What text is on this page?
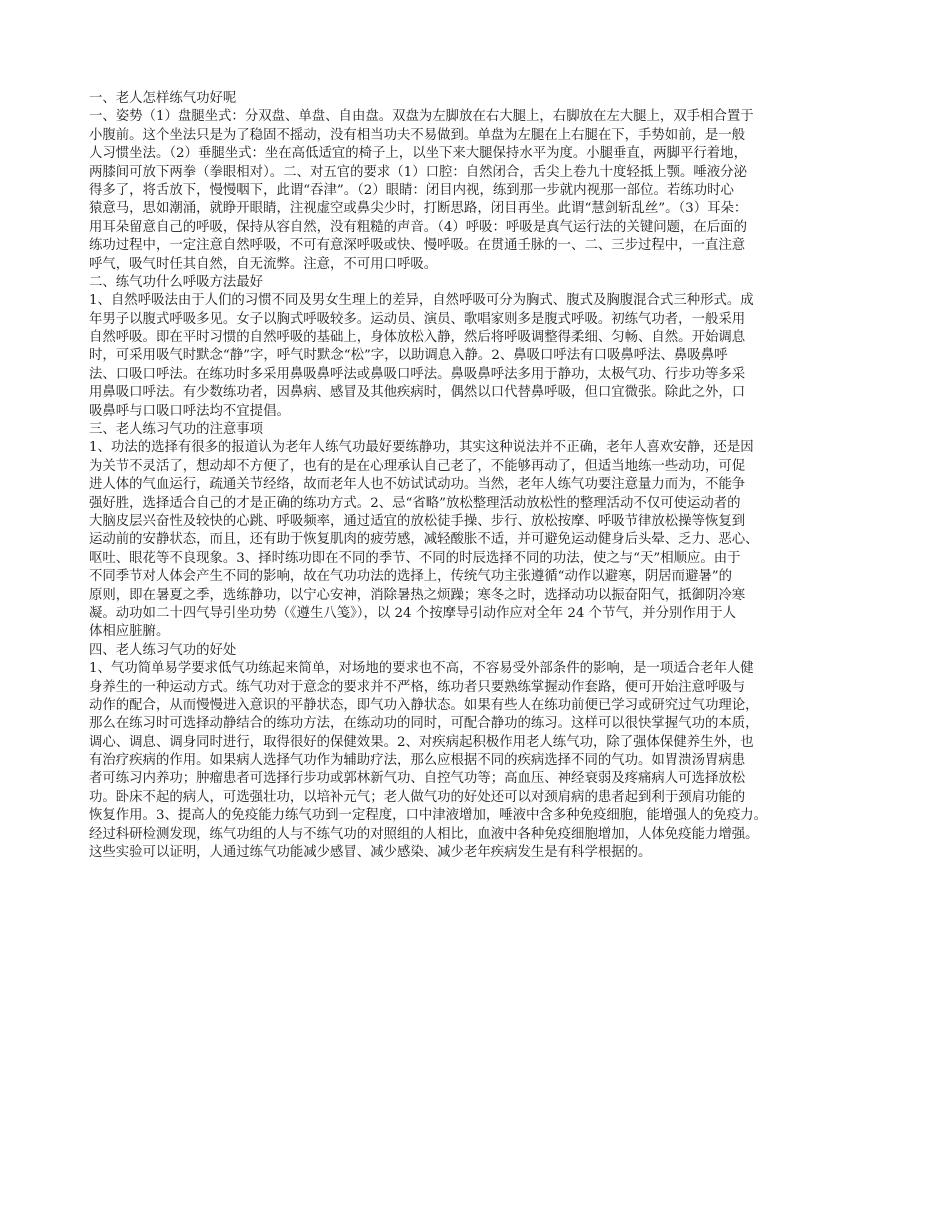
一、老人怎样练气功好呢
一、姿势（1）盘腿坐式：分双盘、单盘、自由盘。双盘为左脚放在右大腿上，右脚放在左大腿上，双手相合置于
小腹前。这个坐法只是为了稳固不摇动，没有相当功夫不易做到。单盘为左腿在上右腿在下，手势如前，是一般
人习惯坐法。（2）垂腿坐式：坐在高低适宜的椅子上，以坐下来大腿保持水平为度。小腿垂直，两脚平行着地，
两膝间可放下两拳（拳眼相对）。二、对五官的要求（1）口腔：自然闭合，舌尖上卷九十度轻抵上颚。唾液分泌
得多了，将舌放下，慢慢咽下，此谓“吞津”。（2）眼睛：闭目内视，练到那一步就内视那一部位。若练功时心
猿意马，思如潮涌，就睁开眼睛，注视虚空或鼻尖少时，打断思路，闭目再坐。此谓“慧剑斩乱丝”。（3）耳朵：
用耳朵留意自己的呼吸，保持从容自然，没有粗糙的声音。（4）呼吸：呼吸是真气运行法的关键问题，在后面的
练功过程中，一定注意自然呼吸，不可有意深呼吸或快、慢呼吸。在贯通壬脉的一、二、三步过程中，一直注意
呼气，吸气时任其自然，自无流弊。注意，不可用口呼吸。
二、练气功什么呼吸方法最好
1、自然呼吸法由于人们的习惯不同及男女生理上的差异，自然呼吸可分为胸式、腹式及胸腹混合式三种形式。成
年男子以腹式呼吸多见。女子以胸式呼吸较多。运动员、演员、歌唱家则多是腹式呼吸。初练气功者，一般采用
自然呼吸。即在平时习惯的自然呼吸的基础上，身体放松入静，然后将呼吸调整得柔细、匀畅、自然。开始调息
时，可采用吸气时默念“静”字，呼气时默念“松”字，以助调息入静。2、鼻吸口呼法有口吸鼻呼法、鼻吸鼻呼
法、口吸口呼法。在练功时多采用鼻吸鼻呼法或鼻吸口呼法。鼻吸鼻呼法多用于静功，太极气功、行步功等多采
用鼻吸口呼法。有少数练功者，因鼻病、感冒及其他疾病时，偶然以口代替鼻呼吸，但口宜微张。除此之外，口
吸鼻呼与口吸口呼法均不宜提倡。
三、老人练习气功的注意事项
1、功法的选择有很多的报道认为老年人练气功最好要练静功，其实这种说法并不正确，老年人喜欢安静，还是因
为关节不灵活了，想动却不方便了，也有的是在心理承认自己老了，不能够再动了，但适当地练一些动功，可促
进人体的气血运行，疏通关节经络，故而老年人也不妨试试动功。当然，老年人练气功要注意量力而为，不能争
强好胜，选择适合自己的才是正确的练功方式。2、忌“省略”放松整理活动放松性的整理活动不仅可使运动者的
大脑皮层兴奋性及较快的心跳、呼吸频率，通过适宜的放松徒手操、步行、放松按摩、呼吸节律放松操等恢复到
运动前的安静状态，而且，还有助于恢复肌肉的疲劳感，减轻酸胀不适，并可避免运动健身后头晕、乏力、恶心、
呕吐、眼花等不良现象。3、择时练功即在不同的季节、不同的时辰选择不同的功法，使之与“天”相顺应。由于
不同季节对人体会产生不同的影响，故在气功功法的选择上，传统气功主张遵循“动作以避寒，阴居而避暑”的
原则，即在暑夏之季，选练静功，以宁心安神，消除暑热之烦躁；寒冬之时，选择动功以振奋阳气，抵御阴冷寒
凝。动功如二十四气导引坐功势（《遵生八笺》），以 24 个按摩导引动作应对全年 24 个节气，并分别作用于人
体相应脏腑。
四、老人练习气功的好处
1、气功简单易学要求低气功练起来简单，对场地的要求也不高，不容易受外部条件的影响，是一项适合老年人健
身养生的一种运动方式。练气功对于意念的要求并不严格，练功者只要熟练掌握动作套路，便可开始注意呼吸与
动作的配合，从而慢慢进入意识的平静状态，即气功入静状态。如果有些人在练功前便已学习或研究过气功理论，
那么在练习时可选择动静结合的练功方法，在练动功的同时，可配合静功的练习。这样可以很快掌握气功的本质，
调心、调息、调身同时进行，取得很好的保健效果。2、对疾病起积极作用老人练气功，除了强体保健养生外，也
有治疗疾病的作用。如果病人选择气功作为辅助疗法，那么应根据不同的疾病选择不同的气功。如胃溃汤胃病患
者可练习内养功；肿瘤患者可选择行步功或郭林新气功、自控气功等；高血压、神经衰弱及疼痛病人可选择放松
功。卧床不起的病人，可选强壮功，以培补元气；老人做气功的好处还可以对颈肩病的患者起到利于颈肩功能的
恢复作用。3、提高人的免疫能力练气功到一定程度，口中津液增加，唾液中含多种免疫细胞，能增强人的免疫力。
经过科研检测发现，练气功组的人与不练气功的对照组的人相比，血液中各种免疫细胞增加，人体免疫能力增强。
这些实验可以证明，人通过练气功能减少感冒、减少感染、减少老年疾病发生是有科学根据的。
